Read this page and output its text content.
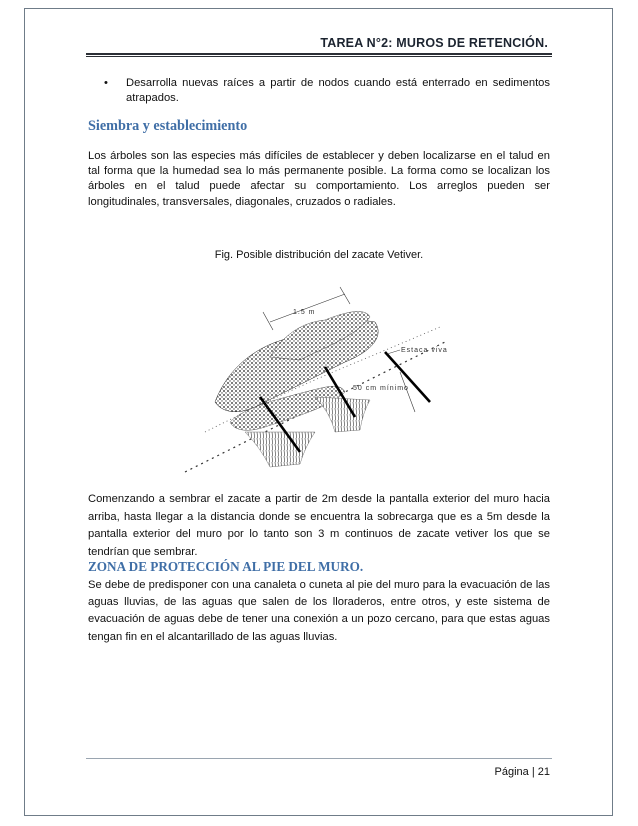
TAREA N°2: MUROS DE RETENCIÓN.
• Desarrolla nuevas raíces a partir de nodos cuando está enterrado en sedimentos atrapados.
Siembra y establecimiento
Los árboles son las especies más difíciles de establecer y deben localizarse en el talud en tal forma que la humedad sea lo más permanente posible. La forma como se localizan los árboles en el talud puede afectar su comportamiento. Los arreglos pueden ser longitudinales, transversales, diagonales, cruzados o radiales.
Fig. Posible distribución del zacate Vetiver.
1.5 m
50 cm mínimo
Estaca viva
Comenzando a sembrar el zacate a partir de 2m desde la pantalla exterior del muro hacia arriba, hasta llegar a la distancia donde se encuentra la sobrecarga que es a 5m desde la pantalla exterior del muro por lo tanto son 3 m continuos de zacate vetiver los que se tendrían que sembrar.
ZONA DE PROTECCIÓN AL PIE DEL MURO.
Se debe de predisponer con una canaleta o cuneta al pie del muro para la evacuación de las aguas lluvias, de las aguas que salen de los lloraderos, entre otros, y este sistema de evacuación de aguas debe de tener una conexión a un pozo cercano, para que estas aguas tengan fin en el alcantarillado de las aguas lluvias.
Página | 21
